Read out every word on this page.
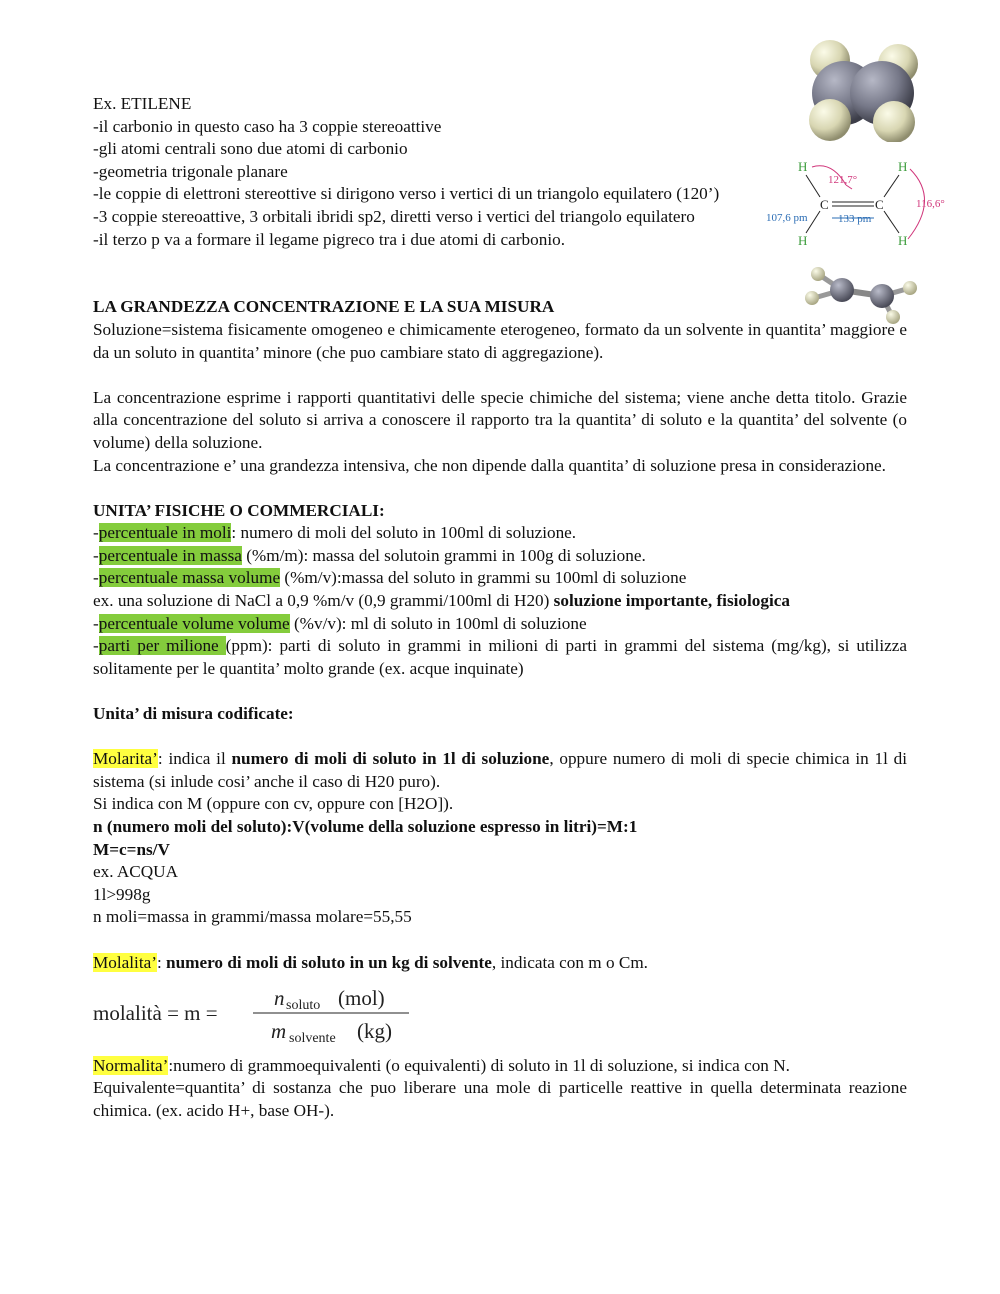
H	H
H	H
C	C
121,7°
116,6°
107,6 pm	133 pm

Ex. ETILENE

-il carbonio in questo caso ha 3 coppie stereoattive

-gli atomi centrali sono due atomi di carbonio

-geometria trigonale planare

-le coppie di elettroni stereottive si dirigono verso i vertici di un triangolo equilatero (120’)

-3 coppie stereoattive, 3 orbitali ibridi sp2, diretti verso i vertici del triangolo equilatero

-il terzo p va a formare il legame pigreco tra i due atomi di carbonio.

LA GRANDEZZA CONCENTRAZIONE E LA SUA MISURA

Soluzione=sistema fisicamente omogeneo e chimicamente eterogeneo, formato da un solvente in quantita’ maggiore e da un soluto in quantita’ minore (che puo cambiare stato di aggregazione).

La concentrazione esprime i rapporti quantitativi delle specie chimiche del sistema; viene anche detta titolo. Grazie alla concentrazione del soluto si arriva a conoscere il rapporto tra la quantita’ di soluto e la quantita’ del solvente (o volume) della soluzione.

La concentrazione e’ una grandezza intensiva, che non dipende dalla quantita’ di soluzione presa in considerazione.

UNITA’ FISICHE O COMMERCIALI:

-percentuale in moli: numero di moli del soluto in 100ml di soluzione.

-percentuale in massa (%m/m): massa del solutoin grammi in 100g di soluzione.

-percentuale massa volume (%m/v):massa del soluto in grammi su 100ml di soluzione

ex. una soluzione di NaCl a 0,9 %m/v (0,9 grammi/100ml di H20) soluzione importante, fisiologica

-percentuale volume volume (%v/v): ml di soluto in 100ml di soluzione

-parti per milione (ppm): parti di soluto in grammi in milioni di parti in grammi del sistema (mg/kg), si utilizza solitamente per le quantita’ molto grande (ex. acque inquinate)

Unita’ di misura codificate:

Molarita’: indica il numero di moli di soluto in 1l di soluzione, oppure numero di moli di specie chimica in 1l di sistema (si inlude cosi’ anche il caso di H20 puro).

Si indica con M (oppure con cv, oppure con [H2O]).

n (numero moli del soluto):V(volume della soluzione espresso in litri)=M:1

M=c=ns/V

ex. ACQUA

1l>998g

n moli=massa in grammi/massa molare=55,55

Molalita’: numero di moli di soluto in un kg di solvente, indicata con m o Cm.

molalità = m =
n soluto (mol)
m solvente (kg)

Normalita’:numero di grammoequivalenti (o equivalenti) di soluto in 1l di soluzione, si indica con N.

Equivalente=quantita’ di sostanza che puo liberare una mole di particelle reattive in quella determinata reazione chimica. (ex. acido H+, base OH-).
